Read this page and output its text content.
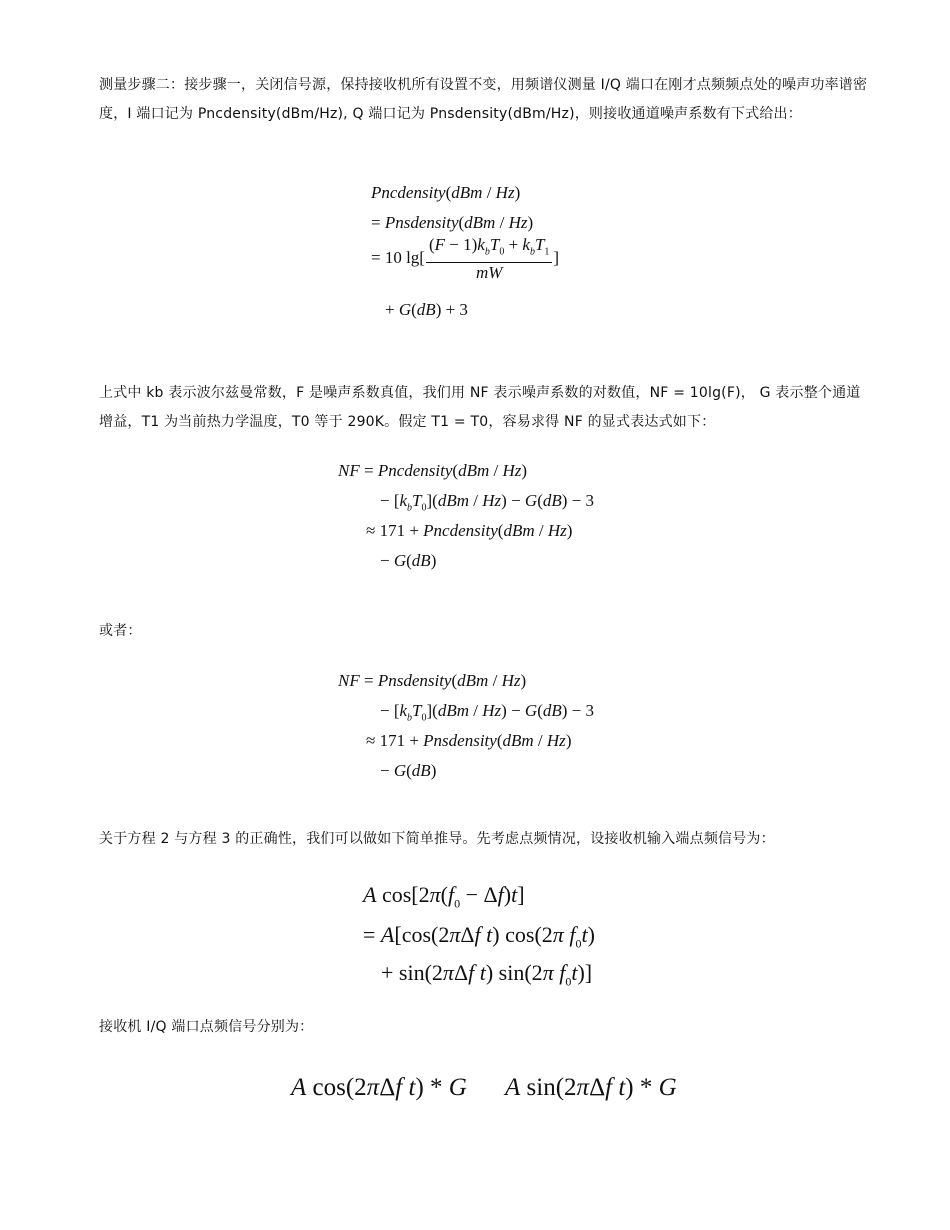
测量步骤二：接步骤一，关闭信号源，保持接收机所有设置不变，用频谱仪测量 I/Q 端口在刚才点频频点处的噪声功率谱密度，I 端口记为 Pncdensity(dBm/Hz), Q 端口记为 Pnsdensity(dBm/Hz)，则接收通道噪声系数有下式给出：

Pncdensity(dBm / Hz)
= Pnsdensity(dBm / Hz)
= 10 $\lg[ \frac{(F - 1)k_bT_0 + k_bT_1}{mW}$ ]
+ G(dB) + 3

上式中 kb 表示波尔兹曼常数，F 是噪声系数真值，我们用 NF 表示噪声系数的对数值，NF = 10lg(F)， G 表示整个通道增益，T1 为当前热力学温度，T0 等于 290K。假定 T1 = T0，容易求得 NF 的显式表达式如下：

NF = Pncdensity(dBm / Hz)
− $[k_bT_0](dBm / Hz) - G(dB) - 3$
≈ 171 + Pncdensity(dBm / Hz)
− G(dB)

或者：

NF = Pnsdensity(dBm / Hz)
− $[k_bT_0](dBm / Hz) - G(dB) - 3$
≈ 171 + Pnsdensity(dBm / Hz)
− G(dB)

关于方程 2 与方程 3 的正确性，我们可以做如下简单推导。先考虑点频情况，设接收机输入端点频信号为：

A $\cos[2\pi(f_0 - \Delta f)t]$
= A[cos(2πΔf t) cos(2π $f_0t$)
+ sin(2πΔf t) sin(2π $f_0t$)]

接收机 I/Q 端口点频信号分别为：

A cos(2πΔf t) * G A sin(2πΔf t) * G
